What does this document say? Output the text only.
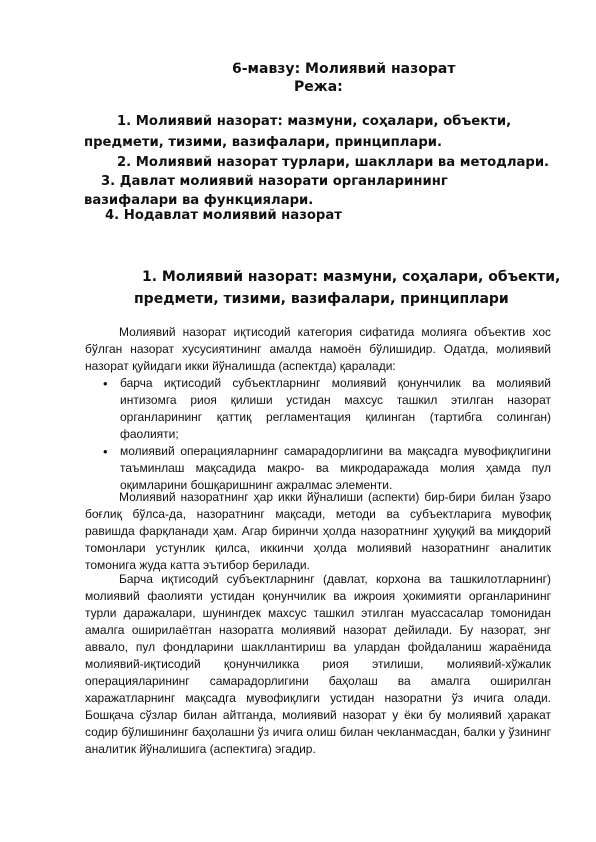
6-мавзу: Молиявий назорат
Режа:
1. Молиявий назорат: мазмуни, соҳалари, объекти,
предмети, тизими, вазифалари, принциплари.
2. Молиявий назорат турлари, шакллари ва методлари.
3. Давлат молиявий назорати органларининг
вазифалари ва функциялари.
4. Нодавлат молиявий назорат
1. Молиявий назорат: мазмуни, соҳалари, объекти,
предмети, тизими, вазифалари, принциплари

Молиявий назорат иқтисодий категория сифатида молияга объектив хос бўлган назорат хусусиятининг амалда намоён бўлишидир. Одатда, молиявий назорат қуйидаги икки йўналишда (аспектда) қаралади:

• барча иқтисодий субъектларнинг молиявий қонунчилик ва молиявий интизомга риоя қилиши устидан махсус ташкил этилган назорат органларининг қаттиқ регламентация қилинган (тартибга солинган) фаолияти;
• молиявий операцияларнинг самарадорлигини ва мақсадга мувофиқлигини таъминлаш мақсадида макро- ва микродаражада молия ҳамда пул оқимларини бошқаришнинг ажралмас элементи.

Молиявий назоратнинг ҳар икки йўналиши (аспекти) бир-бири билан ўзаро боғлиқ бўлса-да, назоратнинг мақсади, методи ва субъектларига мувофиқ равишда фарқланади ҳам. Агар биринчи ҳолда назоратнинг ҳуқуқий ва миқдорий томонлари устунлик қилса, иккинчи ҳолда молиявий назоратнинг аналитик томонига жуда катта эътибор берилади.

Барча иқтисодий субъектларнинг (давлат, корхона ва ташкилотларнинг) молиявий фаолияти устидан қонунчилик ва ижроия ҳокимияти органларининг турли даражалари, шунингдек махсус ташкил этилган муассасалар томонидан амалга оширилаётган назоратга молиявий назорат дейилади. Бу назорат, энг аввало, пул фондларини шакллантириш ва улардан фойдаланиш жараёнида молиявий-иқтисодий қонунчиликка риоя этилиши, молиявий-хўжалик операцияларининг самарадорлигини баҳолаш ва амалга оширилган харажатларнинг мақсадга мувофиқлиги устидан назоратни ўз ичига олади. Бошқача сўзлар билан айтганда, молиявий назорат у ёки бу молиявий ҳаракат содир бўлишининг баҳолашни ўз ичига олиш билан чекланмасдан, балки у ўзининг аналитик йўналишига (аспектига) эгадир.
